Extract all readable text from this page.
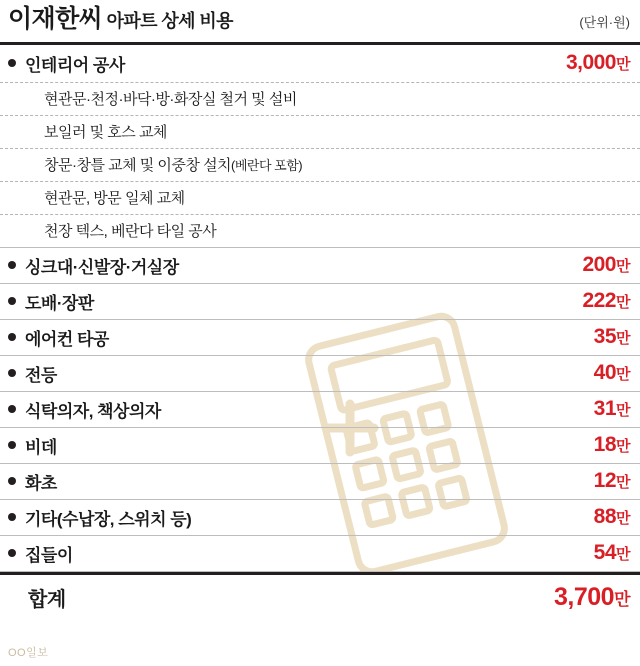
OO일보
이재한씨 아파트 상세 비용	(단위·원)
인테리어 공사	3,000만
현관문·천정·바닥·방·화장실 철거 및 설비
보일러 및 호스 교체
창문·창틀 교체 및 이중창 설치 (베란다 포함)
현관문, 방문 일체 교체
천장 텍스, 베란다 타일 공사
싱크대·신발장·거실장	200만
도배·장판	222만
에어컨 타공	35만
전등	40만
식탁의자, 책상의자	31만
비데	18만
화초	12만
기타 (수납장, 스위치 등)	88만
집들이	54만
합계	3,700만
